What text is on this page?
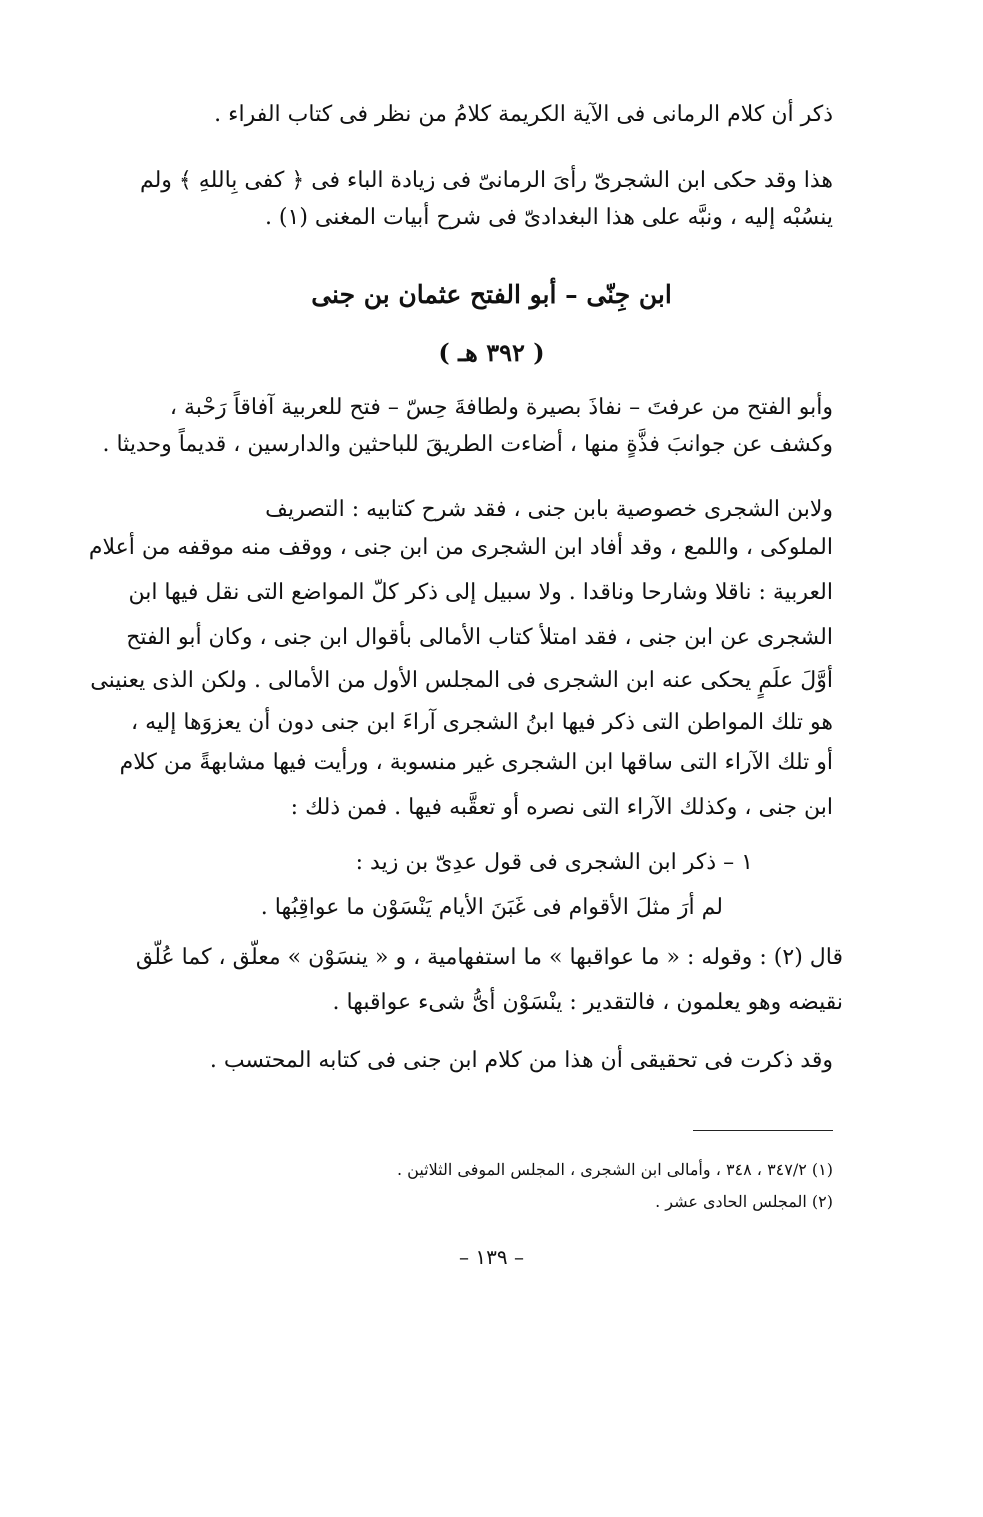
ذكر أن كلام الرمانى فى الآية الكريمة كلامُ من نظر فى كتاب الفراء .
هذا وقد حكى ابن الشجرىّ رأىَ الرمانىّ فى زيادة الباء فى ﴿ كفى بِاللهِ ﴾ ولم
ينسُبْه إليه ، ونبَّه على هذا البغدادىّ فى شرح أبيات المغنى (١) .
ابن جِنّى – أبو الفتح عثمان بن جنى
( ٣٩٢ هـ )
وأبو الفتح من عرفتَ – نفاذَ بصيرة ولطافةَ حِسّ – فتح للعربية آفاقاً رَحْبة ،
وكشف عن جوانبَ فذَّةٍ منها ، أضاءت الطريقَ للباحثين والدارسين ، قديماً وحديثا .
ولابن الشجرى خصوصية بابن جنى ، فقد شرح كتابيه : التصريف
الملوكى ، واللمع ، وقد أفاد ابن الشجرى من ابن جنى ، ووقف منه موقفه من أعلام
العربية : ناقلا وشارحا وناقدا . ولا سبيل إلى ذكر كلّ المواضع التى نقل فيها ابن
الشجرى عن ابن جنى ، فقد امتلأ كتاب الأمالى بأقوال ابن جنى ، وكان أبو الفتح
أوَّلَ علَمٍ يحكى عنه ابن الشجرى فى المجلس الأول من الأمالى . ولكن الذى يعنينى
هو تلك المواطن التى ذكر فيها ابنُ الشجرى آراءَ ابن جنى دون أن يعزوَها إليه ،
أو تلك الآراء التى ساقها ابن الشجرى غير منسوبة ، ورأيت فيها مشابهةً من كلام
ابن جنى ، وكذلك الآراء التى نصره أو تعقَّبه فيها . فمن ذلك :
١ – ذكر ابن الشجرى فى قول عدِىّ بن زيد :
لم أرَ مثلَ الأقوام فى غَبَنَ الأيام يَنْسَوْن ما عواقِبُها .
قال (٢) : وقوله : « ما عواقبها » ما استفهامية ، و « ينسَوْن » معلّق ، كما عُلّق
نقيضه وهو يعلمون ، فالتقدير : ينْسَوْن أىُّ شىء عواقبها .
وقد ذكرت فى تحقيقى أن هذا من كلام ابن جنى فى كتابه المحتسب .
(١) ٣٤٧/٢ ، ٣٤٨ ، وأمالى ابن الشجرى ، المجلس الموفى الثلاثين .
(٢) المجلس الحادى عشر .
– ١٣٩ –
